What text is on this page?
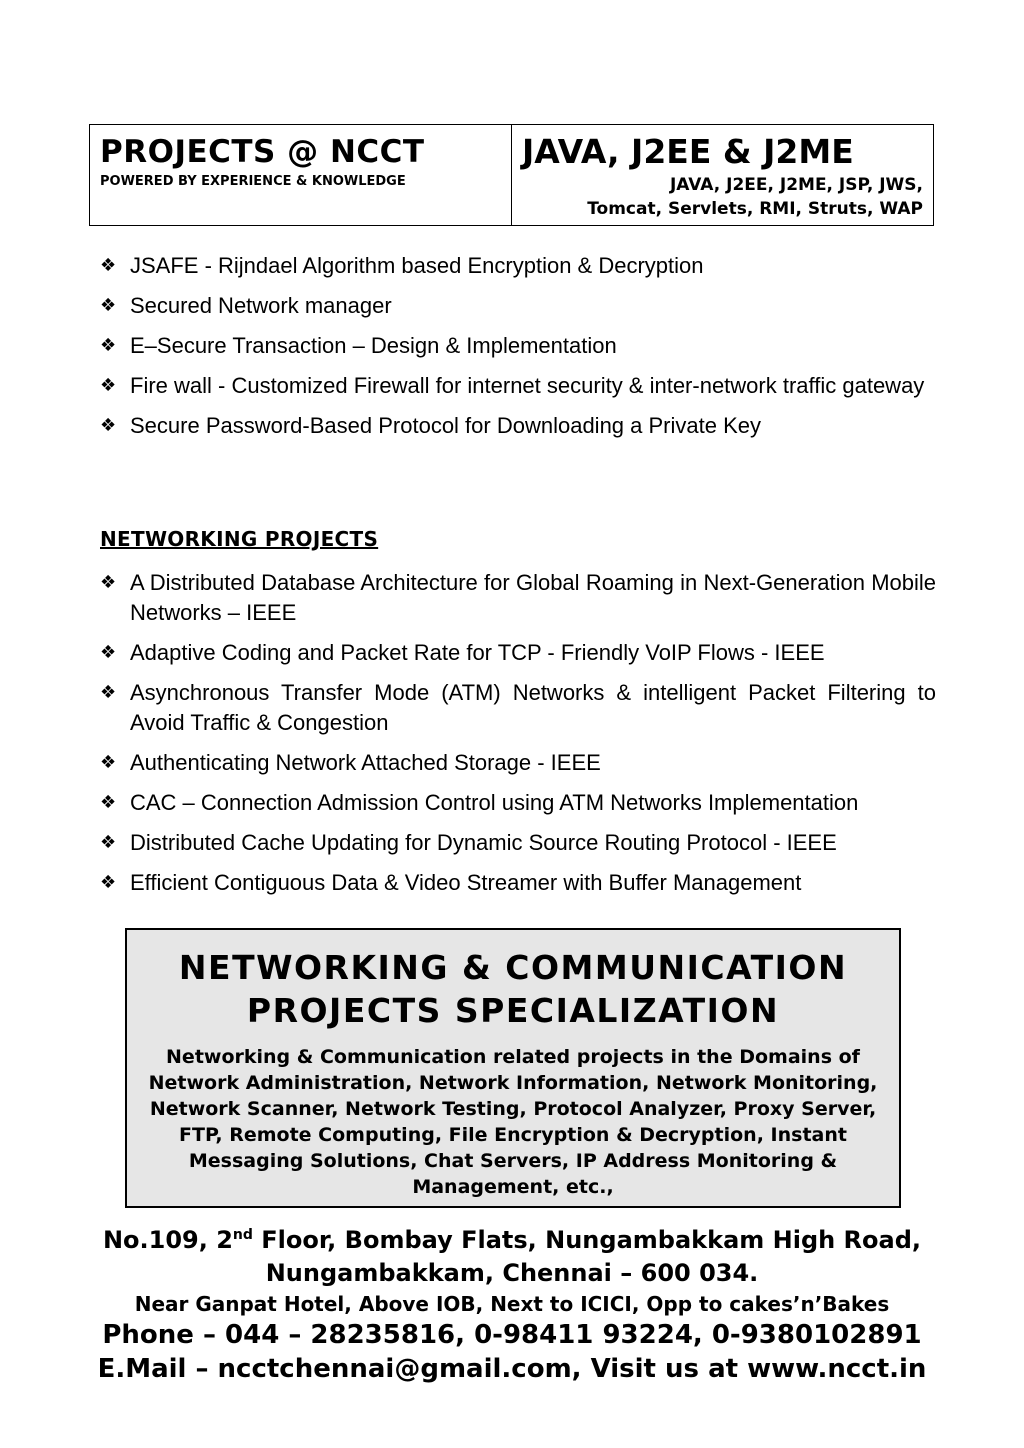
PROJECTS @ NCCT
POWERED BY EXPERIENCE & KNOWLEDGE
JAVA, J2EE & J2ME
JAVA, J2EE, J2ME, JSP, JWS,
Tomcat, Servlets, RMI, Struts, WAP
❖ JSAFE - Rijndael Algorithm based Encryption & Decryption
❖ Secured Network manager
❖ E–Secure Transaction – Design & Implementation
❖ Fire wall - Customized Firewall for internet security & inter-network traffic gateway
❖ Secure Password-Based Protocol for Downloading a Private Key
NETWORKING PROJECTS
❖ A Distributed Database Architecture for Global Roaming in Next-Generation Mobile Networks – IEEE
❖ Adaptive Coding and Packet Rate for TCP - Friendly VoIP Flows - IEEE
❖ Asynchronous Transfer Mode (ATM) Networks & intelligent Packet Filtering to Avoid Traffic & Congestion
❖ Authenticating Network Attached Storage - IEEE
❖ CAC – Connection Admission Control using ATM Networks Implementation
❖ Distributed Cache Updating for Dynamic Source Routing Protocol - IEEE
❖ Efficient Contiguous Data & Video Streamer with Buffer Management
NETWORKING & COMMUNICATION
PROJECTS SPECIALIZATION
Networking & Communication related projects in the Domains of Network Administration, Network Information, Network Monitoring, Network Scanner, Network Testing, Protocol Analyzer, Proxy Server, FTP, Remote Computing, File Encryption & Decryption, Instant Messaging Solutions, Chat Servers, IP Address Monitoring & Management, etc.,
No.109, 2nd Floor, Bombay Flats, Nungambakkam High Road,
Nungambakkam, Chennai – 600 034.
Near Ganpat Hotel, Above IOB, Next to ICICI, Opp to cakes’n’Bakes
Phone – 044 – 28235816, 0-98411 93224, 0-9380102891
E.Mail – ncctchennai@gmail.com, Visit us at www.ncct.in
